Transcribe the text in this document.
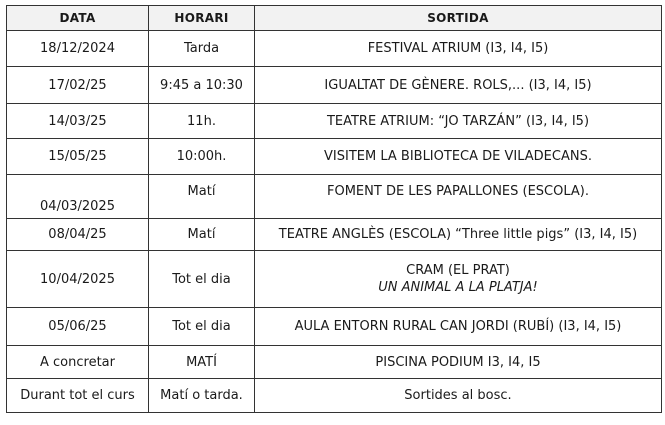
DATA	HORARI	SORTIDA
18/12/2024	Tarda	FESTIVAL ATRIUM (I3, I4, I5)
17/02/25	9:45 a 10:30	IGUALTAT DE GÈNERE. ROLS,... (I3, I4, I5)
14/03/25	11h.	TEATRE ATRIUM: “JO TARZÁN” (I3, I4, I5)
15/05/25	10:00h.	VISITEM LA BIBLIOTECA DE VILADECANS.
04/03/2025	Matí	FOMENT DE LES PAPALLONES (ESCOLA).
08/04/25	Matí	TEATRE ANGLÈS (ESCOLA) “Three little pigs” (I3, I4, I5)
10/04/2025	Tot el dia	CRAM (EL PRAT)
UN ANIMAL A LA PLATJA!

05/06/25	Tot el dia	AULA ENTORN RURAL CAN JORDI (RUBÍ) (I3, I4, I5)
A concretar	MATÍ	PISCINA PODIUM I3, I4, I5
Durant tot el curs	Matí o tarda.	Sortides al bosc.
